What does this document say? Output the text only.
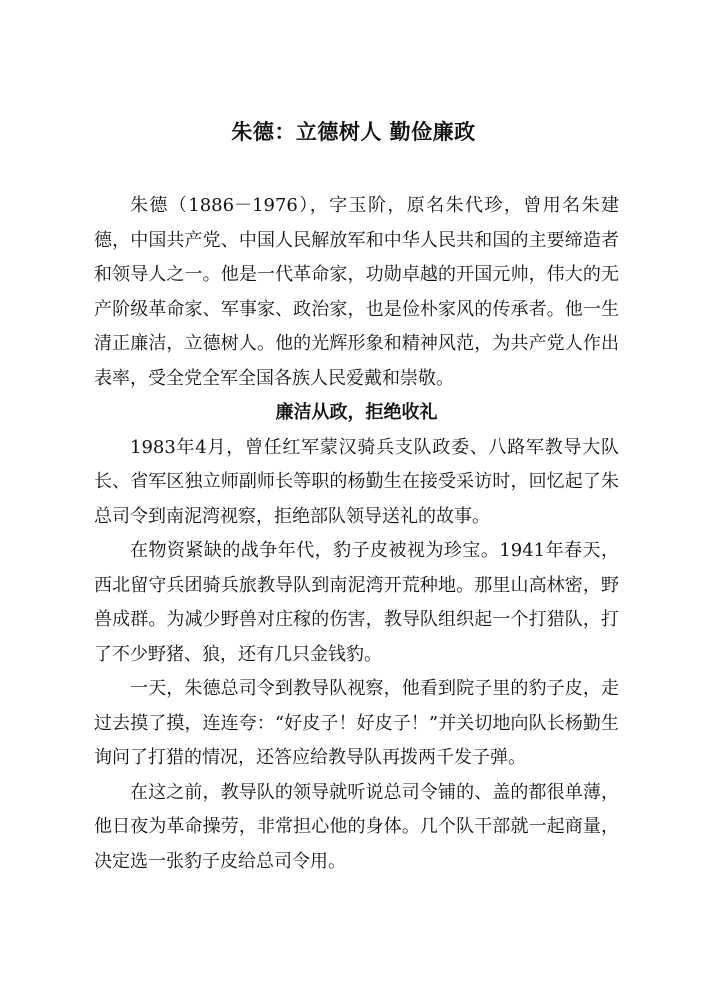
朱德：立德树人 勤俭廉政

朱德（1886－1976），字玉阶，原名朱代珍，曾用名朱建德，中国共产党、中国人民解放军和中华人民共和国的主要缔造者和领导人之一。他是一代革命家，功勋卓越的开国元帅，伟大的无产阶级革命家、军事家、政治家，也是俭朴家风的传承者。他一生清正廉洁，立德树人。他的光辉形象和精神风范，为共产党人作出表率，受全党全军全国各族人民爱戴和崇敬。

廉洁从政，拒绝收礼

1983年4月，曾任红军蒙汉骑兵支队政委、八路军教导大队长、省军区独立师副师长等职的杨勤生在接受采访时，回忆起了朱总司令到南泥湾视察，拒绝部队领导送礼的故事。

在物资紧缺的战争年代，豹子皮被视为珍宝。1941年春天，西北留守兵团骑兵旅教导队到南泥湾开荒种地。那里山高林密，野兽成群。为减少野兽对庄稼的伤害，教导队组织起一个打猎队，打了不少野猪、狼，还有几只金钱豹。

一天，朱德总司令到教导队视察，他看到院子里的豹子皮，走过去摸了摸，连连夸：“好皮子！好皮子！”并关切地向队长杨勤生询问了打猎的情况，还答应给教导队再拨两千发子弹。

在这之前，教导队的领导就听说总司令铺的、盖的都很单薄，他日夜为革命操劳，非常担心他的身体。几个队干部就一起商量，决定选一张豹子皮给总司令用。
